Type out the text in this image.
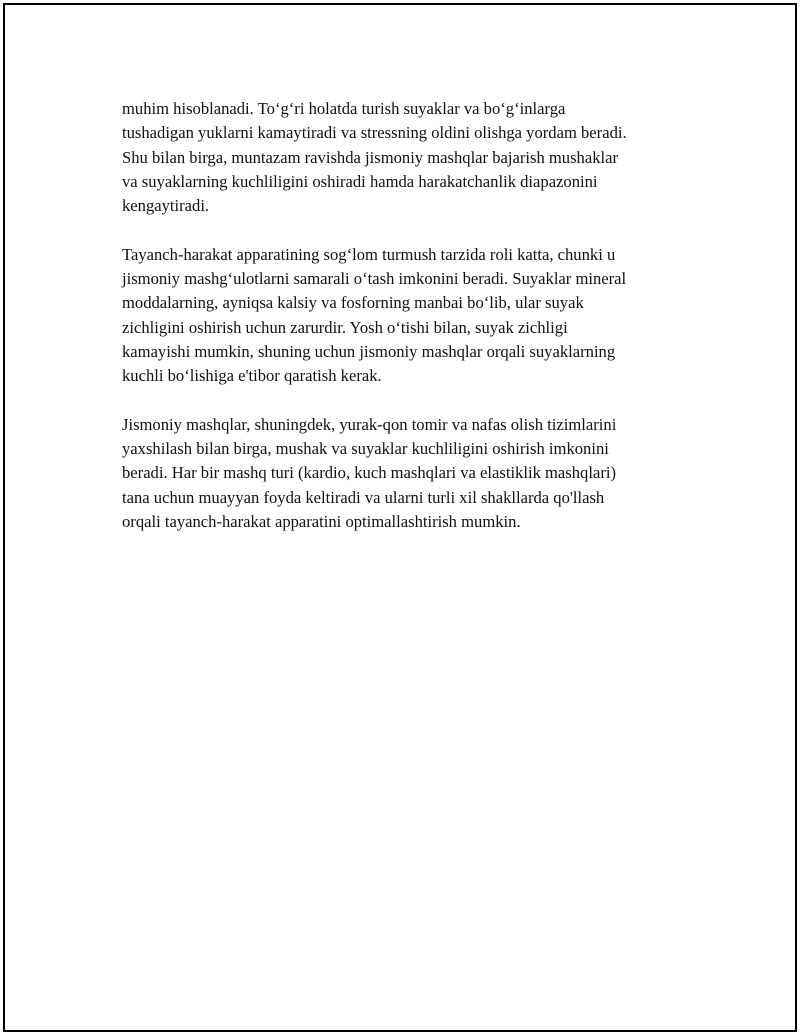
muhim hisoblanadi. To‘g‘ri holatda turish suyaklar va bo‘g‘inlarga
tushadigan yuklarni kamaytiradi va stressning oldini olishga yordam beradi.
Shu bilan birga, muntazam ravishda jismoniy mashqlar bajarish mushaklar
va suyaklarning kuchliligini oshiradi hamda harakatchanlik diapazonini
kengaytiradi.

Tayanch-harakat apparatining sog‘lom turmush tarzida roli katta, chunki u
jismoniy mashg‘ulotlarni samarali o‘tash imkonini beradi. Suyaklar mineral
moddalarning, ayniqsa kalsiy va fosforning manbai bo‘lib, ular suyak
zichligini oshirish uchun zarurdir. Yosh o‘tishi bilan, suyak zichligi
kamayishi mumkin, shuning uchun jismoniy mashqlar orqali suyaklarning
kuchli bo‘lishiga e'tibor qaratish kerak.

Jismoniy mashqlar, shuningdek, yurak-qon tomir va nafas olish tizimlarini
yaxshilash bilan birga, mushak va suyaklar kuchliligini oshirish imkonini
beradi. Har bir mashq turi (kardio, kuch mashqlari va elastiklik mashqlari)
tana uchun muayyan foyda keltiradi va ularni turli xil shakllarda qo'llash
orqali tayanch-harakat apparatini optimallashtirish mumkin.
